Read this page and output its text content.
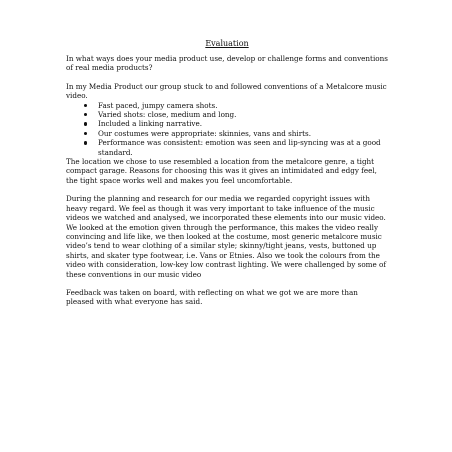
Evaluation

In what ways does your media product use, develop or challenge forms and conventions of real media products?

In my Media Product our group stuck to and followed conventions of a Metalcore music video.

Fast paced, jumpy camera shots.
Varied shots: close, medium and long.
Included a linking narrative.
Our costumes were appropriate: skinnies, vans and shirts.
Performance was consistent: emotion was seen and lip-syncing was at a good standard.

The location we chose to use resembled a location from the metalcore genre, a tight compact garage. Reasons for choosing this was it gives an intimidated and edgy feel, the tight space works well and makes you feel uncomfortable.

During the planning and research for our media we regarded copyright issues with heavy regard. We feel as though it was very important to take influence of the music videos we watched and analysed, we incorporated these elements into our music video. We looked at the emotion given through the performance, this makes the video really convincing and life like, we then looked at the costume, most generic metalcore music video’s tend to wear clothing of a similar style; skinny/tight jeans, vests, buttoned up shirts, and skater type footwear, i.e. Vans or Etnies. Also we took the colours from the video with consideration, low-key low contrast lighting. We were challenged by some of these conventions in our music video

Feedback was taken on board, with reflecting on what we got we are more than pleased with what everyone has said.
